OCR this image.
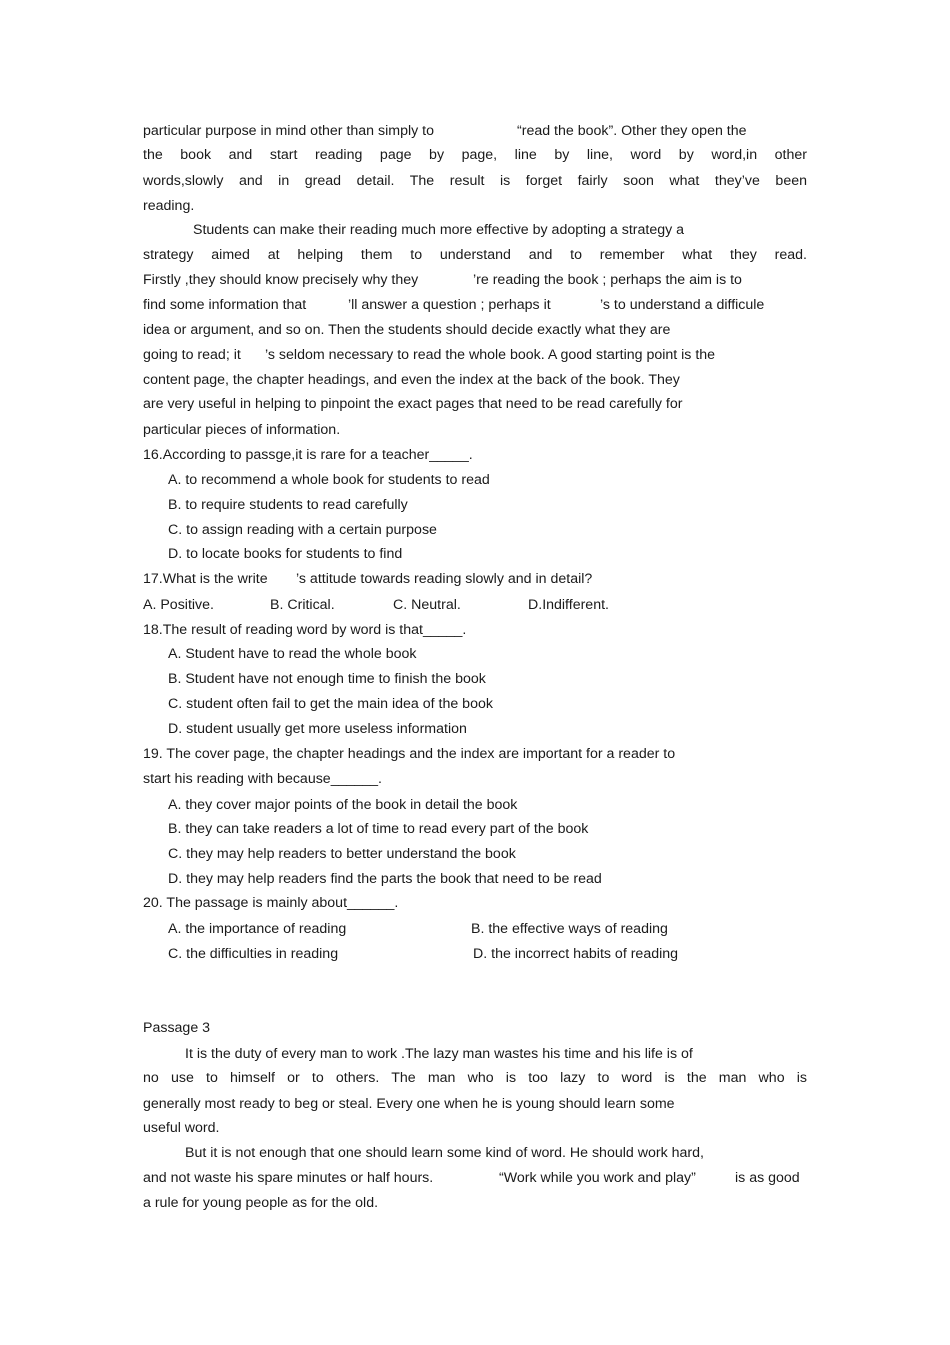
particular purpose in mind other than simply to

	“read the book”. Other they open the

the book and start reading page by page, line by line, word by word,in other
words,slowly and in gread detail. The result is forget fairly soon what they’ve been
reading.
Students can make their reading much more effective by adopting a strategy a
strategy aimed at helping them to understand and to remember what they read.

Firstly ,they should know precisely why they

	’re reading the book ; perhaps the aim is to

find some information that

	’ll answer a question ; perhaps it

	’s to understand a difficule

idea or argument, and so on. Then the students should decide exactly what they are

going to read; it

’s seldom necessary to read the whole book. A good starting point is the

content page, the chapter headings, and even the index at the back of the book. They
are very useful in helping to pinpoint the exact pages that need to be read carefully for
particular pieces of information.
16.According to passge,it is rare for a teacher_____.
A. to recommend a whole book for students to read
B. to require students to read carefully
C. to assign reading with a certain purpose
D. to locate books for students to find

17.What is the write

’s attitude towards reading slowly and in detail?

A. Positive.

	B. Critical.

	C. Neutral.

	D.Indifferent.

18.The result of reading word by word is that_____.
A. Student have to read the whole book
B. Student have not enough time to finish the book
C. student often fail to get the main idea of the book
D. student usually get more useless information
19. The cover page, the chapter headings and the index are important for a reader to
start his reading with because______.
A. they cover major points of the book in detail the book
B. they can take readers a lot of time to read every part of the book
C. they may help readers to better understand the book
D. they may help readers find the parts the book that need to be read
20. The passage is mainly about______.
A. the importance of reading	B. the effective ways of reading
C. the difficulties in reading	D. the incorrect habits of reading
Passage 3
It is the duty of every man to work .The lazy man wastes his time and his life is of
no use to himself or to others. The man who is too lazy to word is the man who is
generally most ready to beg or steal. Every one when he is young should learn some
useful word.
But it is not enough that one should learn some kind of word. He should work hard,

and not waste his spare minutes or half hours.

	“Work while you work and play”

	is as good

a rule for young people as for the old.
